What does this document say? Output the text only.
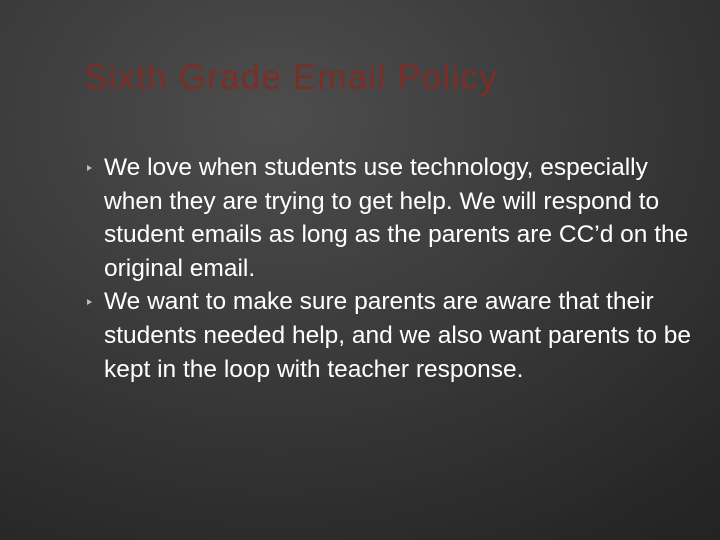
Sixth Grade Email Policy
We love when students use technology, especially when they are trying to get help. We will respond to student emails as long as the parents are CC’d on the original email.
We want to make sure parents are aware that their students needed help, and we also want parents to be kept in the loop with teacher response.
